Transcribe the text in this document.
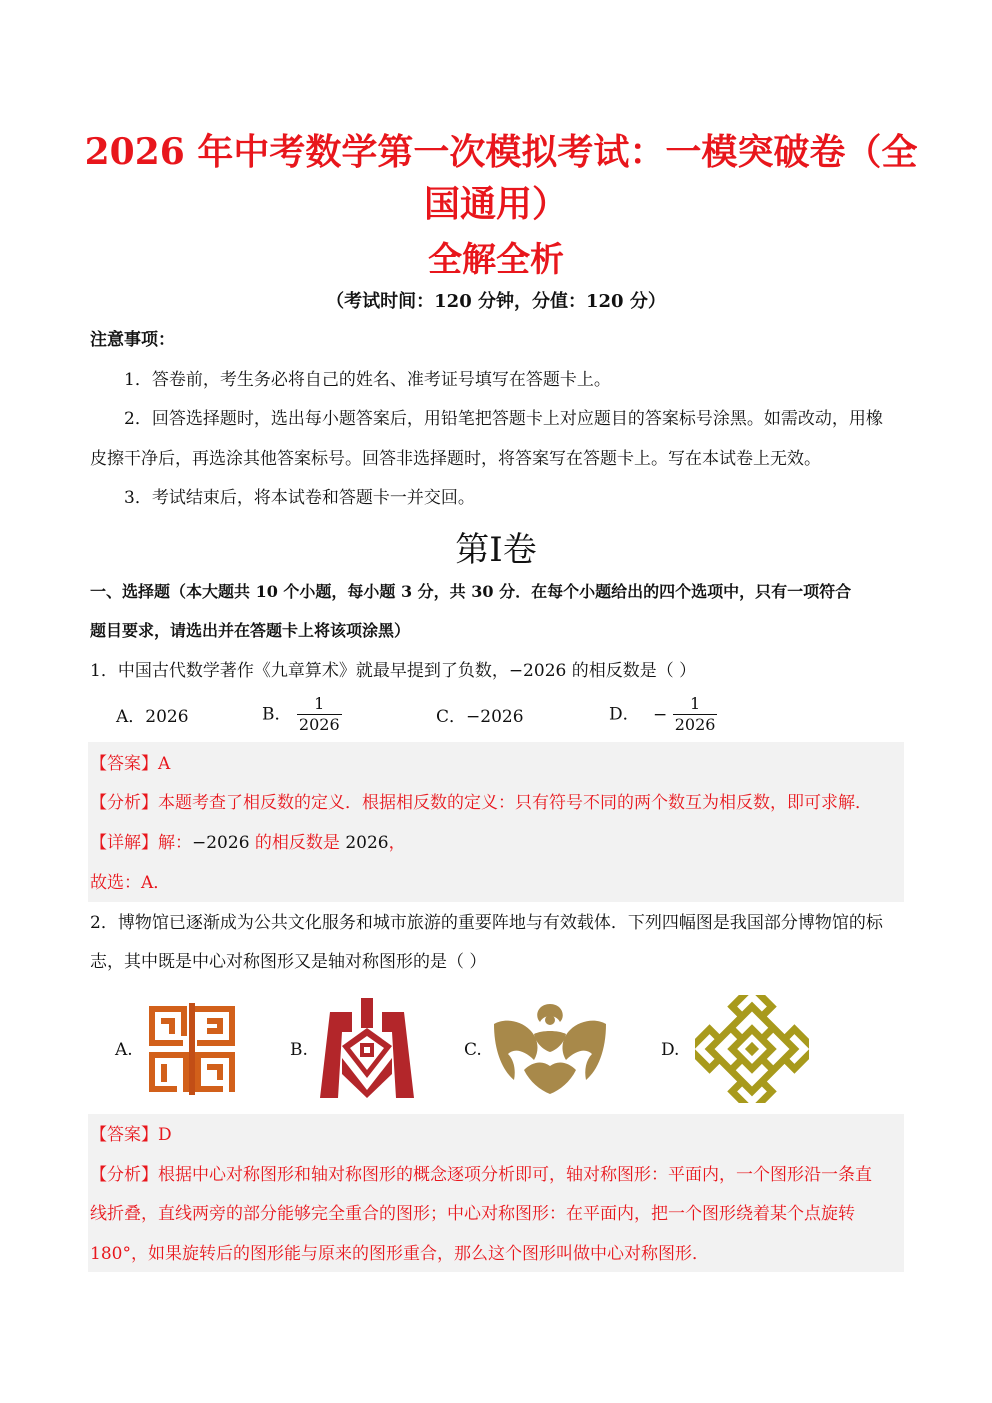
2026 年中考数学第一次模拟考试：一模突破卷（全
国通用）
全解全析
（考试时间：120 分钟，分值：120 分）
注意事项：
1．答卷前，考生务必将自己的姓名、准考证号填写在答题卡上。
2．回答选择题时，选出每小题答案后，用铅笔把答题卡上对应题目的答案标号涂黑。如需改动，用橡
皮擦干净后，再选涂其他答案标号。回答非选择题时，将答案写在答题卡上。写在本试卷上无效。
3．考试结束后，将本试卷和答题卡一并交回。
第I卷
一、选择题（本大题共 10 个小题，每小题 3 分，共 30 分．在每个小题给出的四个选项中，只有一项符合
题目要求，请选出并在答题卡上将该项涂黑）
1．中国古代数学著作《九章算术》就最早提到了负数，−2026 的相反数是（ ）
A．2026	B． $\frac{1}{2026}$	C．−2026	D． − $\frac{1}{2026}$
【答案】A
【分析】本题考查了相反数的定义．根据相反数的定义：只有符号不同的两个数互为相反数，即可求解．
【详解】解：−2026 的相反数是 2026，
故选：A．
2．博物馆已逐渐成为公共文化服务和城市旅游的重要阵地与有效载体．下列四幅图是我国部分博物馆的标
志，其中既是中心对称图形又是轴对称图形的是（ ）
A.	B.	C.	D.
【答案】D
【分析】根据中心对称图形和轴对称图形的概念逐项分析即可，轴对称图形：平面内，一个图形沿一条直
线折叠，直线两旁的部分能够完全重合的图形；中心对称图形：在平面内，把一个图形绕着某个点旋转
180°，如果旋转后的图形能与原来的图形重合，那么这个图形叫做中心对称图形．
